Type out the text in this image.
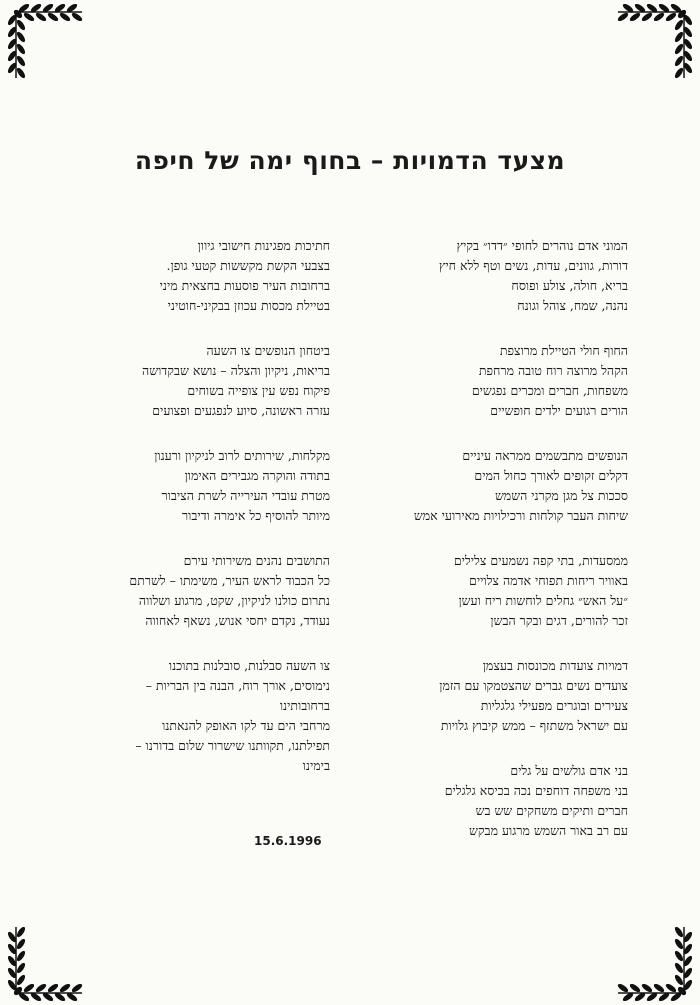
מצעד הדמויות – בחוף ימה של חיפה
המוני אדם נוהרים לחופי ״דדו״ בקיץ
דורות, גוונים, עדות, נשים וטף ללא חיץ
בריא, חולה, צולע ופוסח
נהנה, שמח, צוהל וגונח
החוף חולי הטיילת מרוצפת
הקהל מרוצה רוח טובה מרחפת
משפחות, חברים ומכרים נפגשים
הורים רגועים ילדים חופשיים
הנופשים מתבשמים ממראה עיניים
דקלים זקופים לאורך כחול המים
סככות צל מגן מקרני השמש
שיחות העבר קולחות ורכילויות מאירועי אמש
ממסעדות, בתי קפה נשמעים צלילים
באוויר ריחות תפוחי אדמה צלויים
״על האש״ גחלים לוחשות ריח ועשן
זכר להורים, דגים ובקר הבשן
דמויות צועדות מכונסות בעצמן
צועדים נשים גברים שהצטמקו עם הזמן
צעירים ובוגרים מפעילי גלגליות
עם ישראל משתזף – ממש קיבוץ גלויות
בני אדם גולשים על גלים
בני משפחה דוחפים נכה בכיסא גלגלים
חברים ותיקים משחקים שש בש
עם רב באור השמש מרגוע מבקש
חתיכות מפגינות חישובי גיוון
בצבעי הקשת מקששות קטעי גופן.
ברחובות העיר פוסעות בחצאית מיני
בטיילת מכסות עכוזן בבקיני-חוטיני
ביטחון הנופשים צו השעה
בריאות, ניקיון והצלה – נושא שבקדושה
פיקוח נפש עין צופייה בשוחים
עזרה ראשונה, סיוע לנפגעים ופצועים
מקלחות, שירותים לרוב לניקיון ורענון
בתודה והוקרה מגבירים האימון
מטרת עובדי העירייה לשרת הציבור
מיותר להוסיף כל אימרה ודיבור
התושבים נהנים משירותי עירם
כל הכבוד לראש העיר, משימתו – לשרתם
נתרום כולנו לניקיון, שקט, מרגוע ושלווה
נעודד, נקדם יחסי אנוש, נשאף לאחווה
צו השעה סבלנות, סובלנות בתוכנו
נימוסים, אורך רוח, הבנה בין הבריות –
ברחובותינו
מרחבי הים עד לקו האופק להנאתנו
תפילתנו, תקוותנו שישרור שלום בדורנו –
בימינו
15.6.1996
